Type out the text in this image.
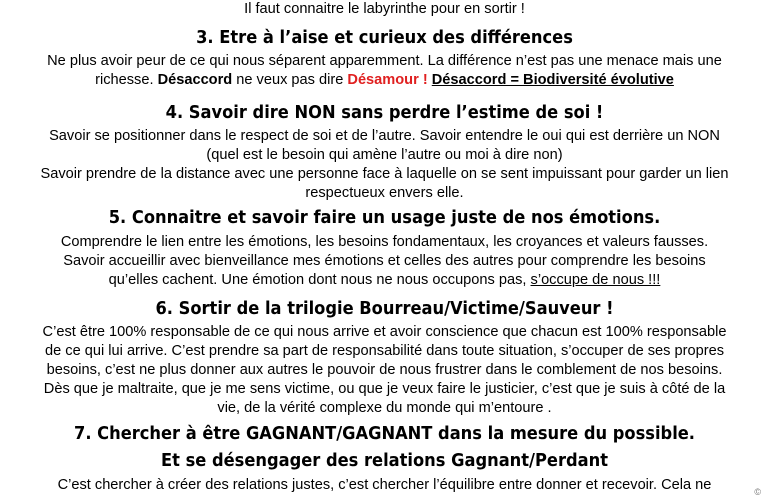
Il faut connaitre le labyrinthe pour en sortir !
3. Etre à l’aise et curieux des différences
Ne plus avoir peur de ce qui nous séparent apparemment. La différence n’est pas une menace mais une
richesse. Désaccord ne veux pas dire Désamour ! Désaccord = Biodiversité évolutive
4. Savoir dire NON sans perdre l’estime de soi !
Savoir se positionner dans le respect de soi et de l’autre. Savoir entendre le oui qui est derrière un NON
(quel est le besoin qui amène l’autre ou moi à dire non)
Savoir prendre de la distance avec une personne face à laquelle on se sent impuissant pour garder un lien
respectueux envers elle.
5. Connaitre et savoir faire un usage juste de nos émotions.
Comprendre le lien entre les émotions, les besoins fondamentaux, les croyances et valeurs fausses.
Savoir accueillir avec bienveillance mes émotions et celles des autres pour comprendre les besoins
qu’elles cachent. Une émotion dont nous ne nous occupons pas, s’occupe de nous !!!
6. Sortir de la trilogie Bourreau/Victime/Sauveur !
C’est être 100% responsable de ce qui nous arrive et avoir conscience que chacun est 100% responsable
de ce qui lui arrive. C’est prendre sa part de responsabilité dans toute situation, s’occuper de ses propres
besoins, c’est ne plus donner aux autres le pouvoir de nous frustrer dans le comblement de nos besoins.
Dès que je maltraite, que je me sens victime, ou que je veux faire le justicier, c’est que je suis à côté de la
vie, de la vérité complexe du monde qui m’entoure .
7. Chercher à être GAGNANT/GAGNANT dans la mesure du possible.
Et se désengager des relations Gagnant/Perdant
C’est chercher à créer des relations justes, c’est chercher l’équilibre entre donner et recevoir. Cela ne	©
